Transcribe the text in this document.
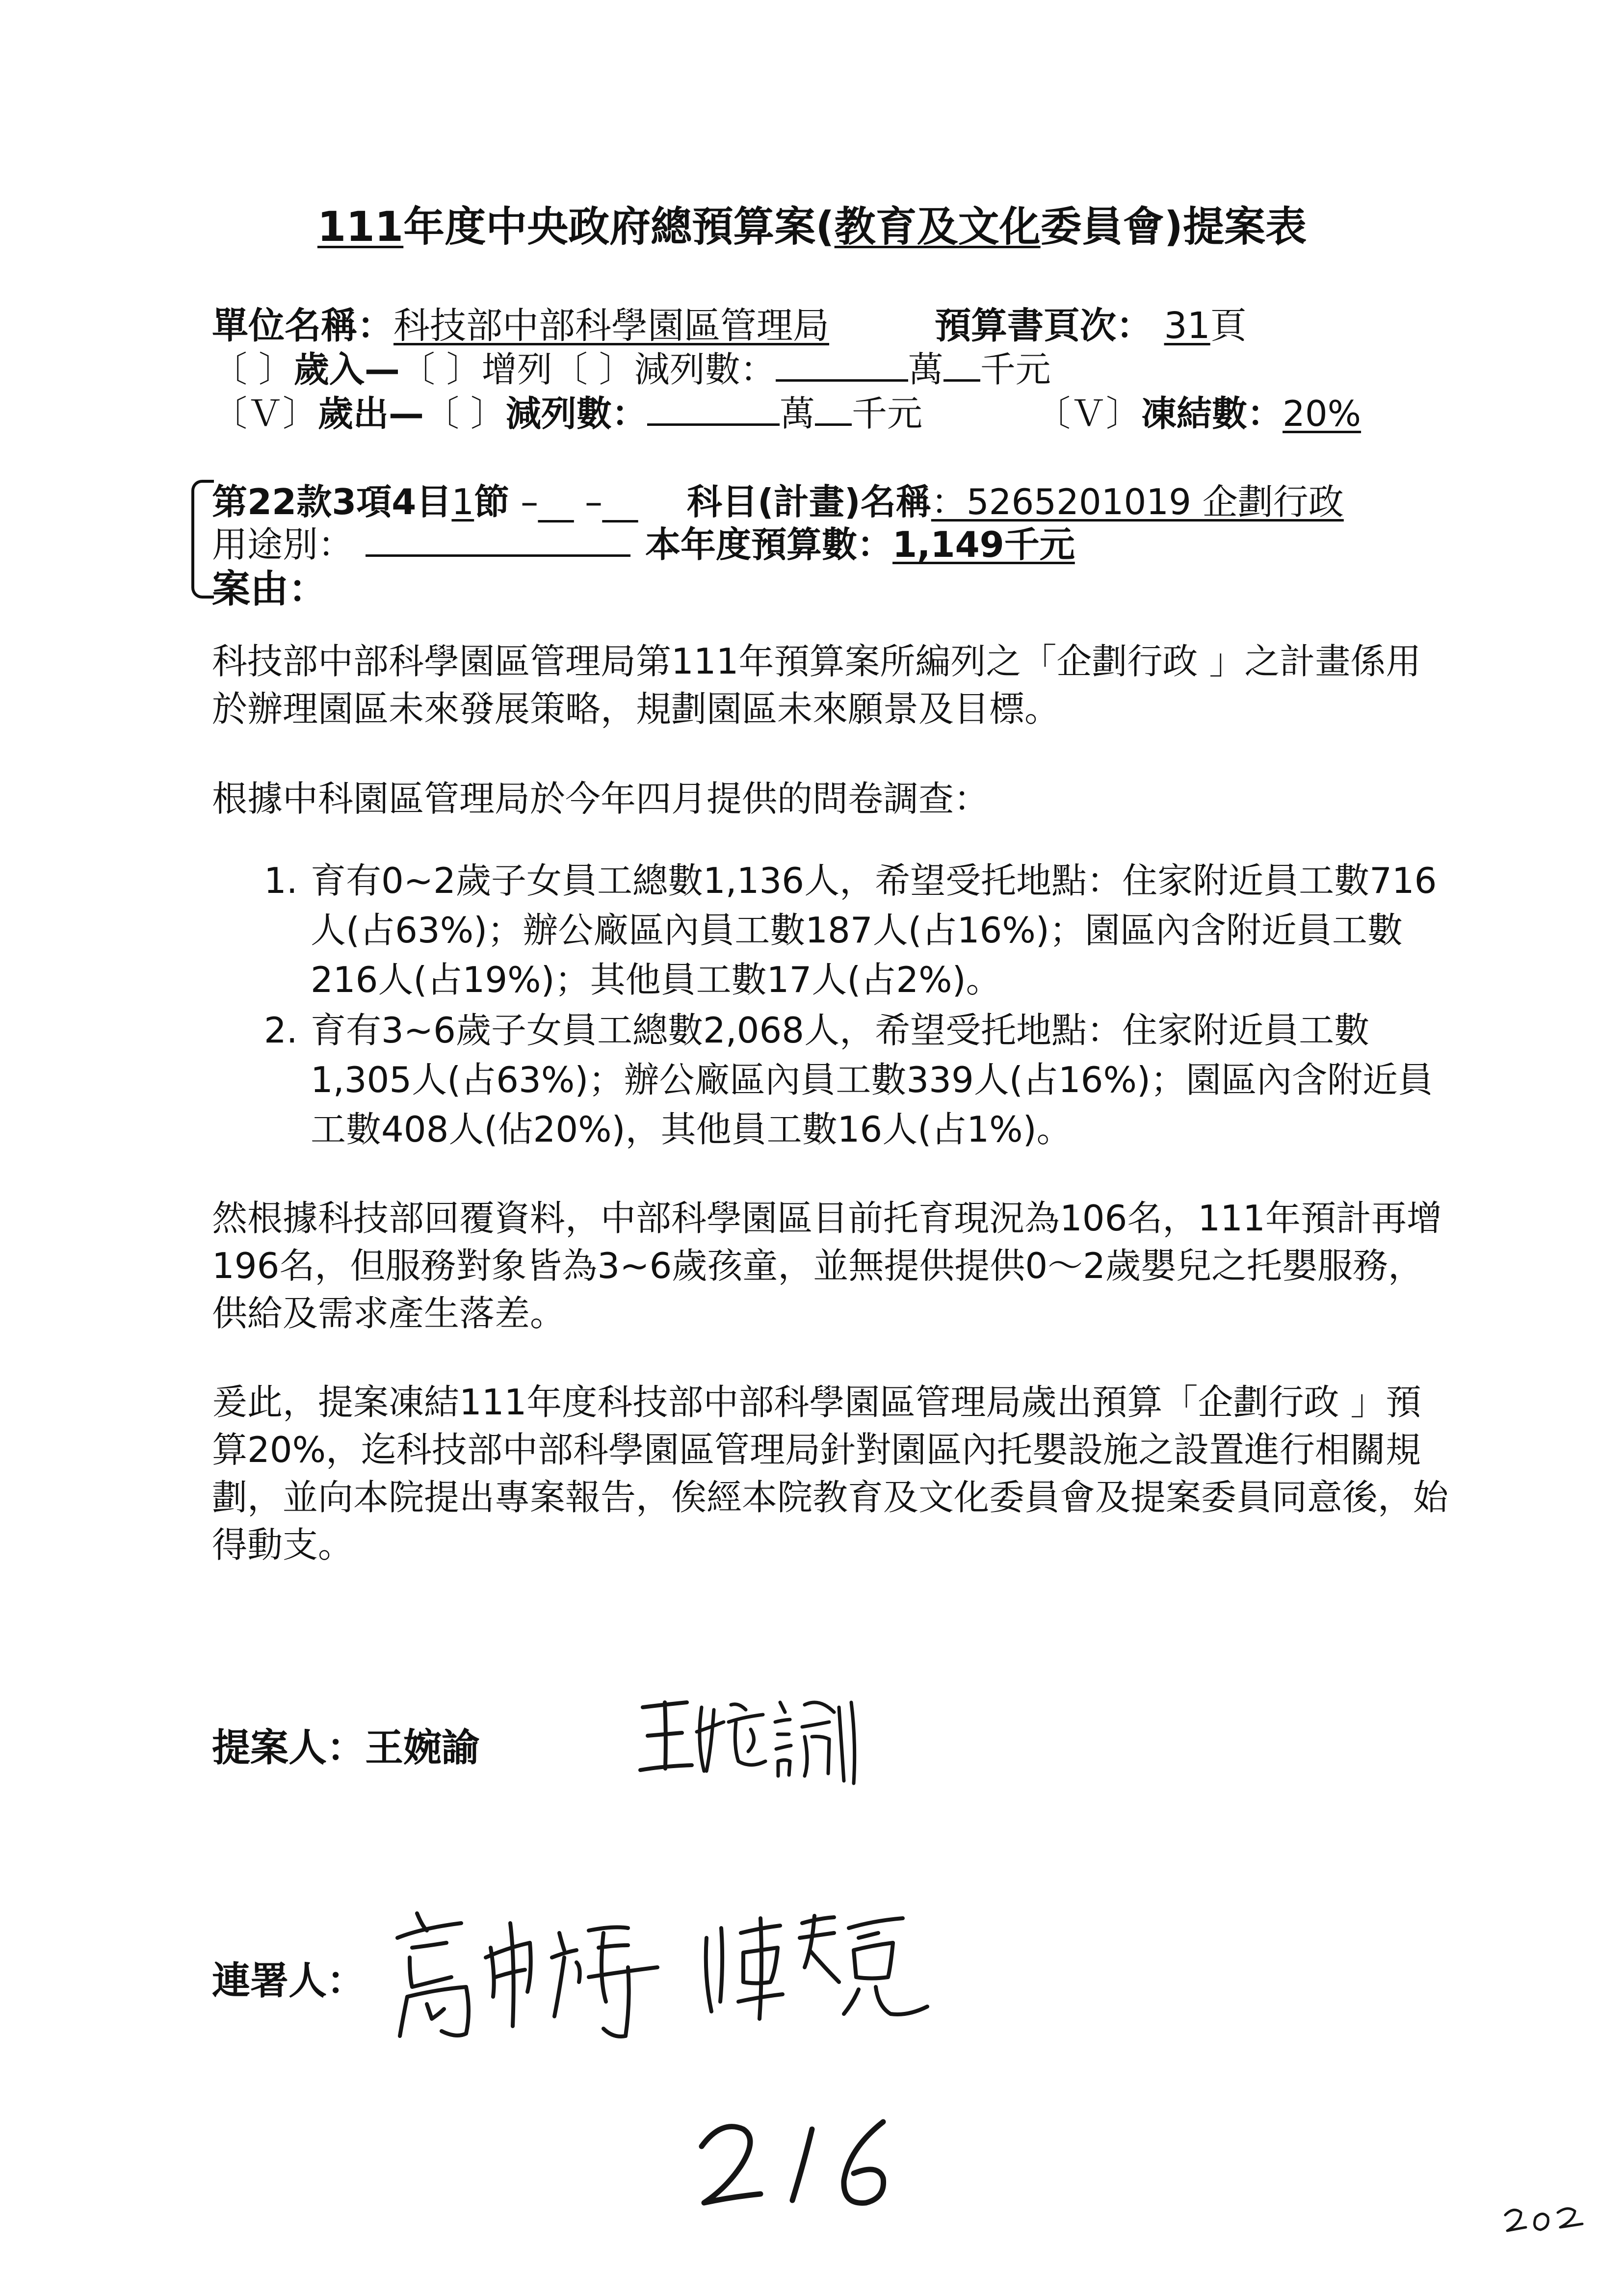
111年度中央政府總預算案(教育及文化委員會)提案表
單位名稱：科技部中部科學園區管理局	預算書頁次： 31頁
〔 〕歲入—〔 〕增列〔 〕減列數：	萬 千元
〔Ｖ〕歲出—〔 〕減列數：	萬 千元	〔Ｖ〕凍結數：20%
第22款3項4目1節 –__ –__ 科目(計畫)名稱：5265201019 企劃行政
用途別：	本年度預算數：1,149千元
案由：
科技部中部科學園區管理局第111年預算案所編列之「企劃行政 」之計畫係用於辦理園區未來發展策略，規劃園區未來願景及目標。
根據中科園區管理局於今年四月提供的問卷調查：
1. 育有0~2歲子女員工總數1,136人，希望受托地點：住家附近員工數716人(占63%)；辦公廠區內員工數187人(占16%)；園區內含附近員工數216人(占19%)；其他員工數17人(占2%)。
2. 育有3~6歲子女員工總數2,068人，希望受托地點：住家附近員工數1,305人(占63%)；辦公廠區內員工數339人(占16%)；園區內含附近員工數408人(佔20%)，其他員工數16人(占1%)。
然根據科技部回覆資料，中部科學園區目前托育現況為106名，111年預計再增196名，但服務對象皆為3~6歲孩童，並無提供提供0～2歲嬰兒之托嬰服務，供給及需求產生落差。
爰此，提案凍結111年度科技部中部科學園區管理局歲出預算「企劃行政 」預算20%，迄科技部中部科學園區管理局針對園區內托嬰設施之設置進行相關規劃，並向本院提出專案報告，俟經本院教育及文化委員會及提案委員同意後，始得動支。
提案人：王婉諭
連署人：
